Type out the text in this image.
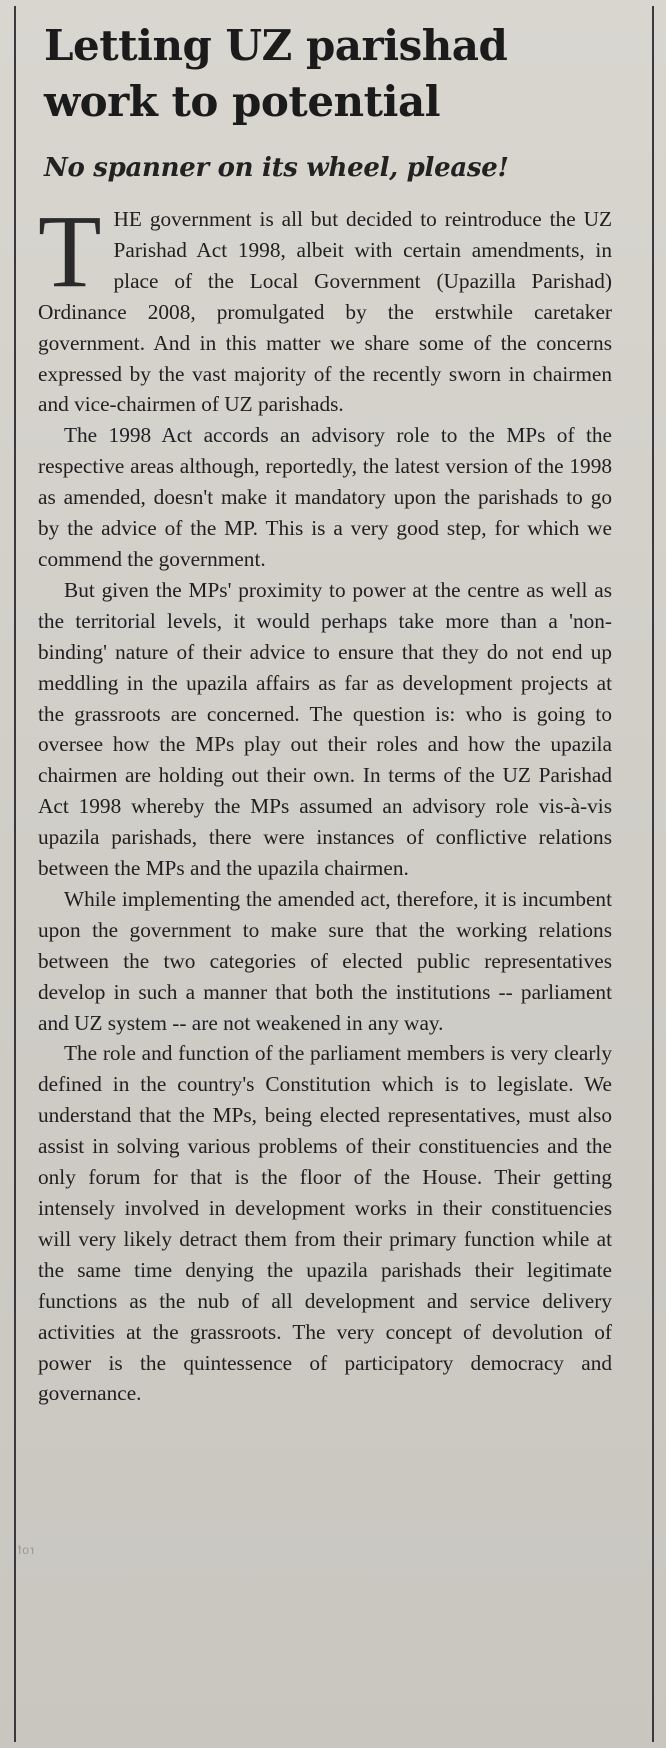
Letting UZ parishad
work to potential
No spanner on its wheel, please!

THE government is all but decided to reintroduce the UZ Parishad Act 1998, albeit with certain amendments, in place of the Local Government (Upazilla Parishad) Ordinance 2008, promulgated by the erstwhile caretaker government. And in this matter we share some of the concerns expressed by the vast majority of the recently sworn in chairmen and vice-chairmen of UZ parishads.

The 1998 Act accords an advisory role to the MPs of the respective areas although, reportedly, the latest version of the 1998 as amended, doesn't make it mandatory upon the parishads to go by the advice of the MP. This is a very good step, for which we commend the government.

But given the MPs' proximity to power at the centre as well as the territorial levels, it would perhaps take more than a 'non-binding' nature of their advice to ensure that they do not end up meddling in the upazila affairs as far as development projects at the grassroots are concerned. The question is: who is going to oversee how the MPs play out their roles and how the upazila chairmen are holding out their own. In terms of the UZ Parishad Act 1998 whereby the MPs assumed an advisory role vis-à-vis upazila parishads, there were instances of conflictive relations between the MPs and the upazila chairmen.

While implementing the amended act, therefore, it is incumbent upon the government to make sure that the working relations between the two categories of elected public representatives develop in such a manner that both the institutions -- parliament and UZ system -- are not weakened in any way.

The role and function of the parliament members is very clearly defined in the country's Constitution which is to legislate. We understand that the MPs, being elected representatives, must also assist in solving various problems of their constituencies and the only forum for that is the floor of the House. Their getting intensely involved in development works in their constituencies will very likely detract them from their primary function while at the same time denying the upazila parishads their legitimate functions as the nub of all development and service delivery activities at the grassroots. The very concept of devolution of power is the quintessence of participatory democracy and governance.

rof
